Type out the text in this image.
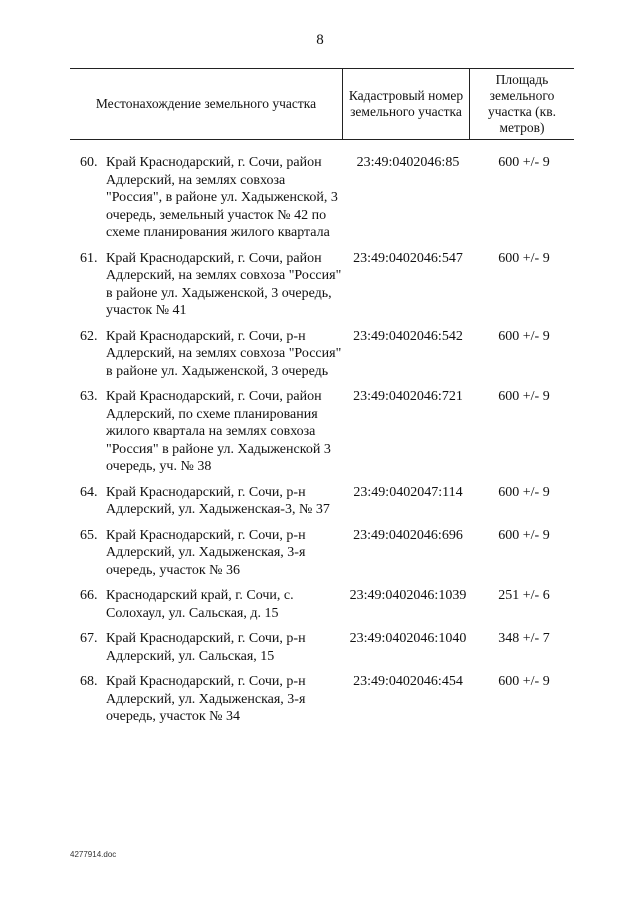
8
Местонахождение земельного участка
Кадастровый номер земельного участка
Площадь земельного участка (кв. метров)
60. Край Краснодарский, г. Сочи, район Адлерский, на землях совхоза "Россия", в районе ул. Хадыженской, 3 очередь, земельный участок № 42 по схеме планирования жилого квартала
23:49:0402046:85	600 +/- 9
61. Край Краснодарский, г. Сочи, район Адлерский, на землях совхоза "Россия" в районе ул. Хадыженской, 3 очередь, участок № 41
23:49:0402046:547	600 +/- 9
62. Край Краснодарский, г. Сочи, р-н Адлерский, на землях совхоза "Россия" в районе ул. Хадыженской, 3 очередь
23:49:0402046:542	600 +/- 9
63. Край Краснодарский, г. Сочи, район Адлерский, по схеме планирования жилого квартала на землях совхоза "Россия" в районе ул. Хадыженской 3 очередь, уч. № 38
23:49:0402046:721	600 +/- 9
64. Край Краснодарский, г. Сочи, р-н Адлерский, ул. Хадыженская-3, № 37
23:49:0402047:114	600 +/- 9
65. Край Краснодарский, г. Сочи, р-н Адлерский, ул. Хадыженская, 3-я очередь, участок № 36
23:49:0402046:696	600 +/- 9
66. Краснодарский край, г. Сочи, с. Солохаул, ул. Сальская, д. 15
23:49:0402046:1039	251 +/- 6
67. Край Краснодарский, г. Сочи, р-н Адлерский, ул. Сальская, 15
23:49:0402046:1040	348 +/- 7
68. Край Краснодарский, г. Сочи, р-н Адлерский, ул. Хадыженская, 3-я очередь, участок № 34
23:49:0402046:454	600 +/- 9
4277914.doc
